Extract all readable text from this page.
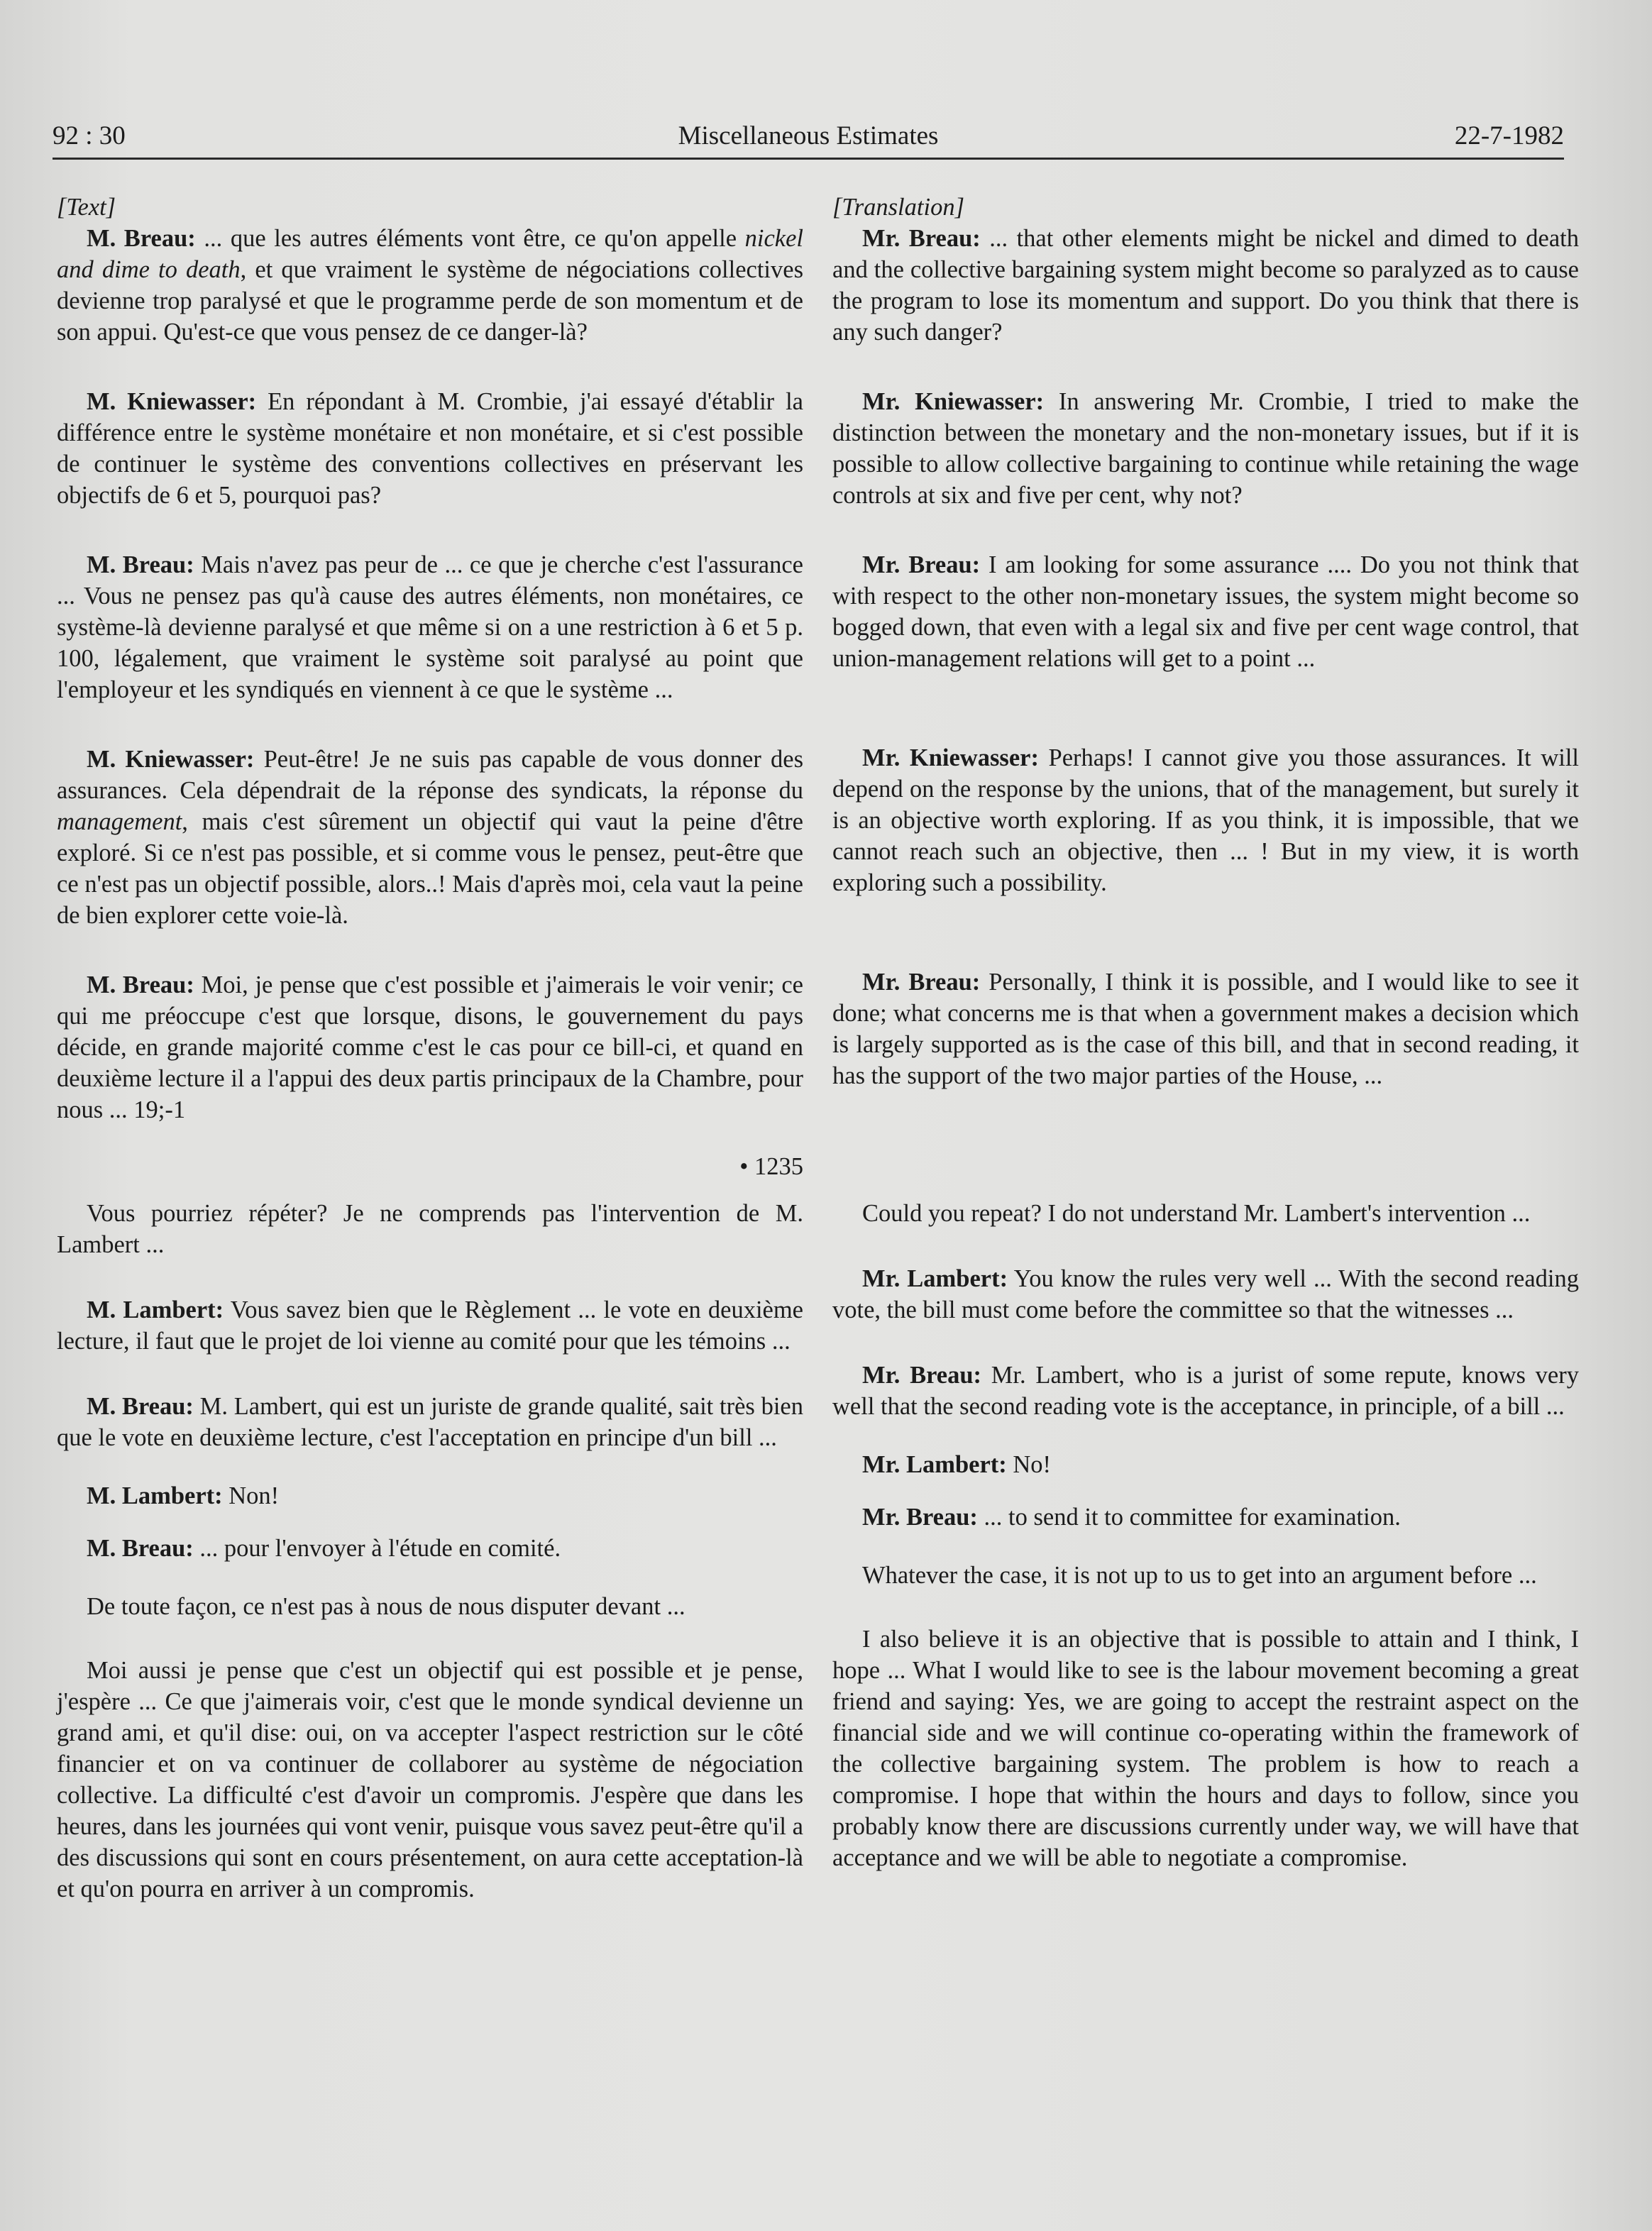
92 : 30	Miscellaneous Estimates	22-7-1982

[Text]

M. Breau: ... que les autres éléments vont être, ce qu'on appelle nickel and dime to death, et que vraiment le système de négociations collectives devienne trop paralysé et que le programme perde de son momentum et de son appui. Qu'est-ce que vous pensez de ce danger-là?

M. Kniewasser: En répondant à M. Crombie, j'ai essayé d'établir la différence entre le système monétaire et non monétaire, et si c'est possible de continuer le système des conventions collectives en préservant les objectifs de 6 et 5, pourquoi pas?

M. Breau: Mais n'avez pas peur de ... ce que je cherche c'est l'assurance ... Vous ne pensez pas qu'à cause des autres éléments, non monétaires, ce système-là devienne paralysé et que même si on a une restriction à 6 et 5 p. 100, légalement, que vraiment le système soit paralysé au point que l'employeur et les syndiqués en viennent à ce que le système ...

M. Kniewasser: Peut-être! Je ne suis pas capable de vous donner des assurances. Cela dépendrait de la réponse des syndicats, la réponse du management, mais c'est sûrement un objectif qui vaut la peine d'être exploré. Si ce n'est pas possible, et si comme vous le pensez, peut-être que ce n'est pas un objectif possible, alors..! Mais d'après moi, cela vaut la peine de bien explorer cette voie-là.

M. Breau: Moi, je pense que c'est possible et j'aimerais le voir venir; ce qui me préoccupe c'est que lorsque, disons, le gouvernement du pays décide, en grande majorité comme c'est le cas pour ce bill-ci, et quand en deuxième lecture il a l'appui des deux partis principaux de la Chambre, pour nous ... 19;-1

• 1235

Vous pourriez répéter? Je ne comprends pas l'intervention de M. Lambert ...

M. Lambert: Vous savez bien que le Règlement ... le vote en deuxième lecture, il faut que le projet de loi vienne au comité pour que les témoins ...

M. Breau: M. Lambert, qui est un juriste de grande qualité, sait très bien que le vote en deuxième lecture, c'est l'acceptation en principe d'un bill ...

M. Lambert: Non!

M. Breau: ... pour l'envoyer à l'étude en comité.

De toute façon, ce n'est pas à nous de nous disputer devant ...

Moi aussi je pense que c'est un objectif qui est possible et je pense, j'espère ... Ce que j'aimerais voir, c'est que le monde syndical devienne un grand ami, et qu'il dise: oui, on va accepter l'aspect restriction sur le côté financier et on va continuer de collaborer au système de négociation collective. La difficulté c'est d'avoir un compromis. J'espère que dans les heures, dans les journées qui vont venir, puisque vous savez peut-être qu'il a des discussions qui sont en cours présentement, on aura cette acceptation-là et qu'on pourra en arriver à un compromis.

[Translation]

Mr. Breau: ... that other elements might be nickel and dimed to death and the collective bargaining system might become so paralyzed as to cause the program to lose its momentum and support. Do you think that there is any such danger?

Mr. Kniewasser: In answering Mr. Crombie, I tried to make the distinction between the monetary and the non-monetary issues, but if it is possible to allow collective bargaining to continue while retaining the wage controls at six and five per cent, why not?

Mr. Breau: I am looking for some assurance .... Do you not think that with respect to the other non-monetary issues, the system might become so bogged down, that even with a legal six and five per cent wage control, that union-management relations will get to a point ...

Mr. Kniewasser: Perhaps! I cannot give you those assurances. It will depend on the response by the unions, that of the management, but surely it is an objective worth exploring. If as you think, it is impossible, that we cannot reach such an objective, then ... ! But in my view, it is worth exploring such a possibility.

Mr. Breau: Personally, I think it is possible, and I would like to see it done; what concerns me is that when a government makes a decision which is largely supported as is the case of this bill, and that in second reading, it has the support of the two major parties of the House, ...

Could you repeat? I do not understand Mr. Lambert's intervention ...

Mr. Lambert: You know the rules very well ... With the second reading vote, the bill must come before the committee so that the witnesses ...

Mr. Breau: Mr. Lambert, who is a jurist of some repute, knows very well that the second reading vote is the acceptance, in principle, of a bill ...

Mr. Lambert: No!

Mr. Breau: ... to send it to committee for examination.

Whatever the case, it is not up to us to get into an argument before ...

I also believe it is an objective that is possible to attain and I think, I hope ... What I would like to see is the labour movement becoming a great friend and saying: Yes, we are going to accept the restraint aspect on the financial side and we will continue co-operating within the framework of the collective bargaining system. The problem is how to reach a compromise. I hope that within the hours and days to follow, since you probably know there are discussions currently under way, we will have that acceptance and we will be able to negotiate a compromise.
